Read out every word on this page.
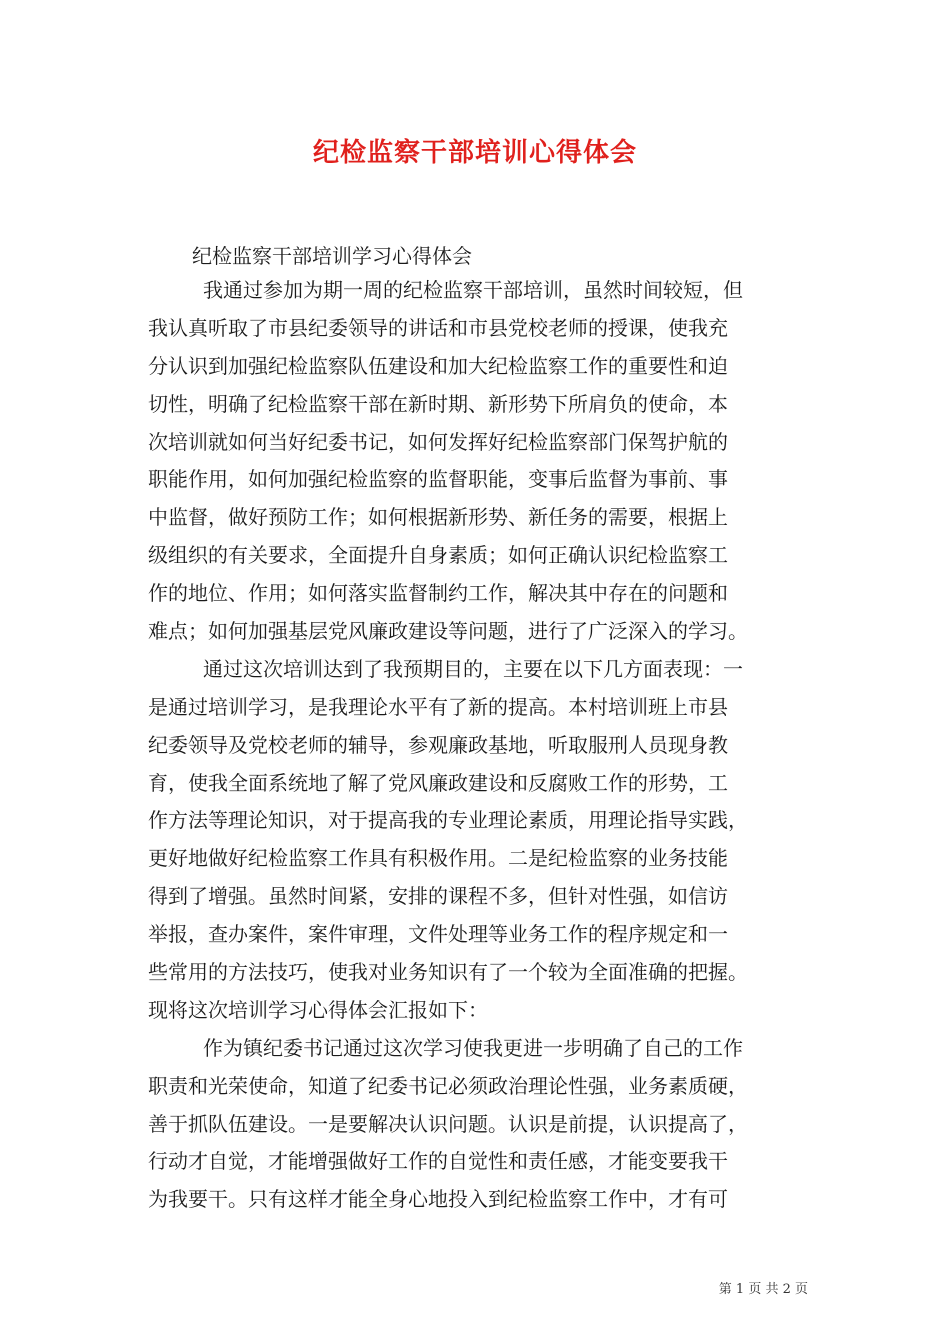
纪检监察干部培训心得体会
纪检监察干部培训学习心得体会
我通过参加为期一周的纪检监察干部培训，虽然时间较短，但
我认真听取了市县纪委领导的讲话和市县党校老师的授课，使我充
分认识到加强纪检监察队伍建设和加大纪检监察工作的重要性和迫
切性，明确了纪检监察干部在新时期、新形势下所肩负的使命，本
次培训就如何当好纪委书记，如何发挥好纪检监察部门保驾护航的
职能作用，如何加强纪检监察的监督职能，变事后监督为事前、事
中监督，做好预防工作；如何根据新形势、新任务的需要，根据上
级组织的有关要求，全面提升自身素质；如何正确认识纪检监察工
作的地位、作用；如何落实监督制约工作，解决其中存在的问题和
难点；如何加强基层党风廉政建设等问题，进行了广泛深入的学习。
通过这次培训达到了我预期目的，主要在以下几方面表现：一
是通过培训学习，是我理论水平有了新的提高。本村培训班上市县
纪委领导及党校老师的辅导，参观廉政基地，听取服刑人员现身教
育，使我全面系统地了解了党风廉政建设和反腐败工作的形势，工
作方法等理论知识，对于提高我的专业理论素质，用理论指导实践，
更好地做好纪检监察工作具有积极作用。二是纪检监察的业务技能
得到了增强。虽然时间紧，安排的课程不多，但针对性强，如信访
举报，查办案件，案件审理，文件处理等业务工作的程序规定和一
些常用的方法技巧，使我对业务知识有了一个较为全面准确的把握。
现将这次培训学习心得体会汇报如下：
作为镇纪委书记通过这次学习使我更进一步明确了自己的工作
职责和光荣使命，知道了纪委书记必须政治理论性强，业务素质硬，
善于抓队伍建设。一是要解决认识问题。认识是前提，认识提高了，
行动才自觉，才能增强做好工作的自觉性和责任感，才能变要我干
为我要干。只有这样才能全身心地投入到纪检监察工作中，才有可
第 1 页 共 2 页
